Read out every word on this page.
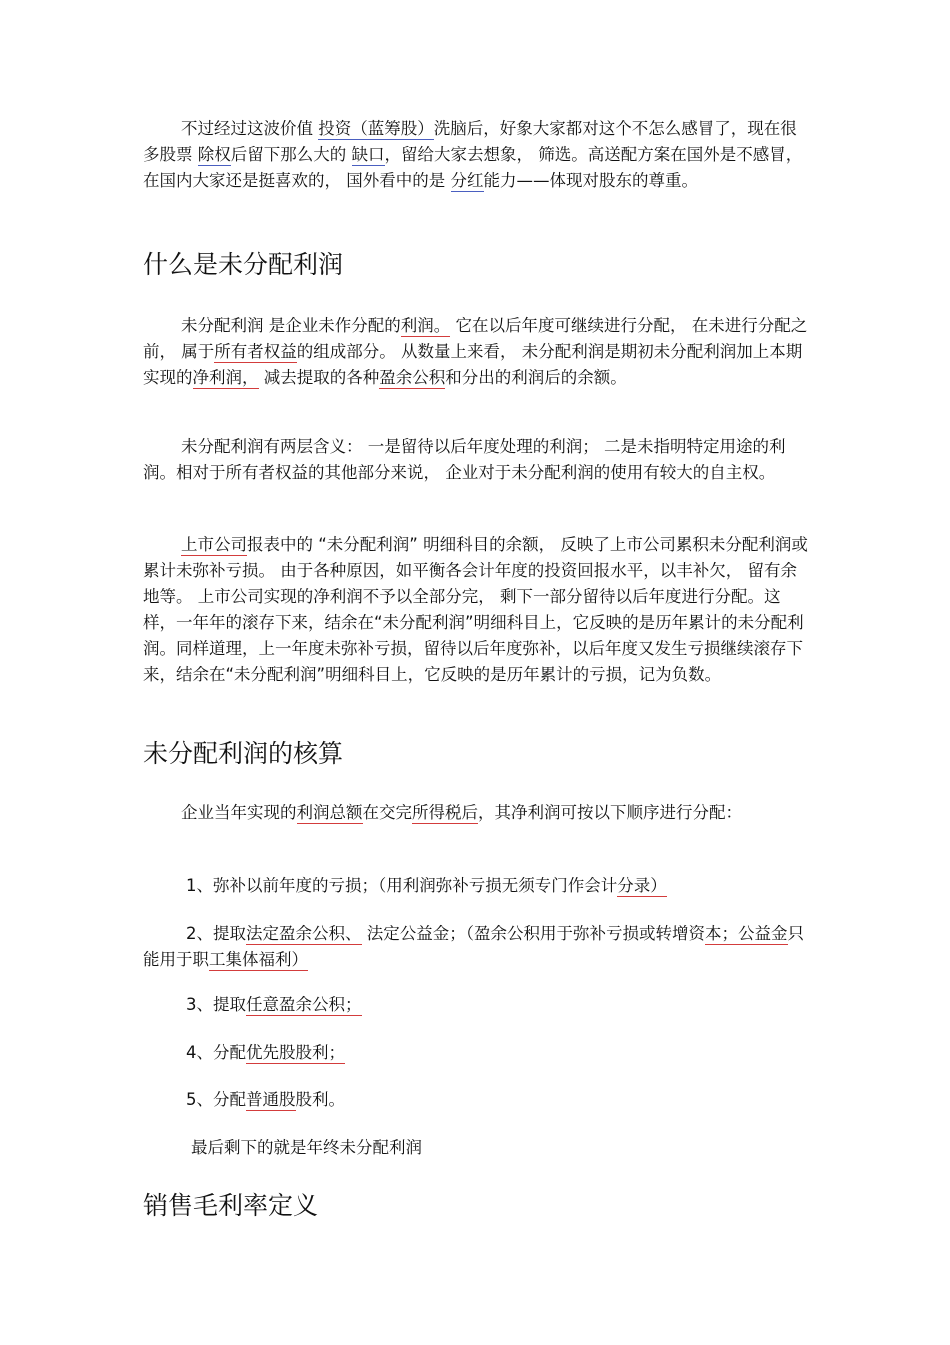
不过经过这波价值 投资（蓝筹股）洗脑后，好象大家都对这个不怎么感冒了，现在很多股票 除权后留下那么大的 缺口，留给大家去想象， 筛选。高送配方案在国外是不感冒， 在国内大家还是挺喜欢的， 国外看中的是 分红能力——体现对股东的尊重。

什么是未分配利润

未分配利润 是企业未作分配的利润。 它在以后年度可继续进行分配， 在未进行分配之前， 属于所有者权益的组成部分。 从数量上来看， 未分配利润是期初未分配利润加上本期实现的净利润， 减去提取的各种盈余公积和分出的利润后的余额。

未分配利润有两层含义： 一是留待以后年度处理的利润； 二是未指明特定用途的利润。相对于所有者权益的其他部分来说， 企业对于未分配利润的使用有较大的自主权。

上市公司报表中的 “未分配利润” 明细科目的余额， 反映了上市公司累积未分配利润或累计未弥补亏损。 由于各种原因，如平衡各会计年度的投资回报水平，以丰补欠， 留有余地等。 上市公司实现的净利润不予以全部分完， 剩下一部分留待以后年度进行分配。这样，一年年的滚存下来，结余在“未分配利润”明细科目上，它反映的是历年累计的未分配利润。同样道理，上一年度未弥补亏损，留待以后年度弥补，以后年度又发生亏损继续滚存下来，结余在“未分配利润”明细科目上，它反映的是历年累计的亏损，记为负数。

未分配利润的核算

企业当年实现的利润总额在交完所得税后，其净利润可按以下顺序进行分配：

1、弥补以前年度的亏损；（用利润弥补亏损无须专门作会计分录）

2、提取法定盈余公积、 法定公益金；（盈余公积用于弥补亏损或转增资本；公益金只能用于职工集体福利）

3、提取任意盈余公积；

4、分配优先股股利；

5、分配普通股股利。

最后剩下的就是年终未分配利润

销售毛利率定义
